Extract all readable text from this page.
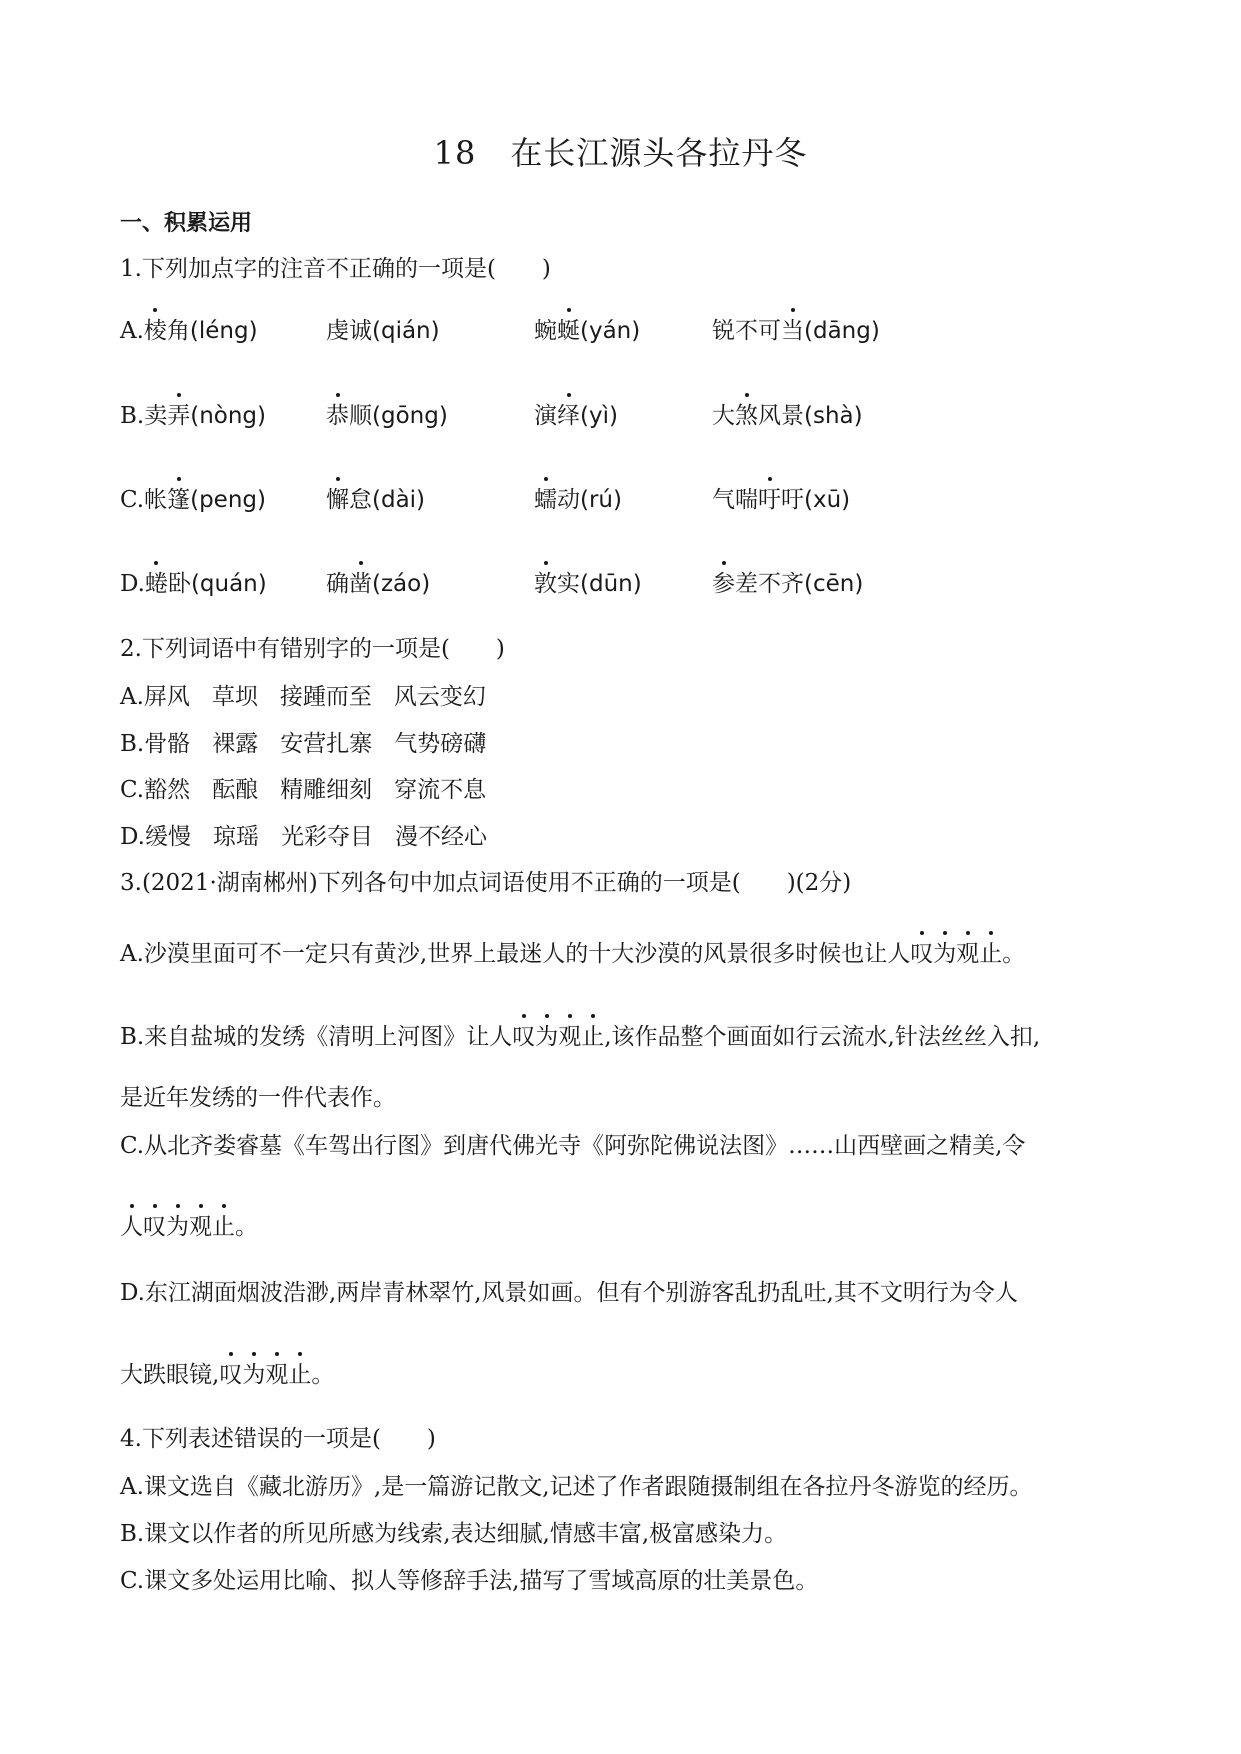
18 在长江源头各拉丹冬
一、积累运用
1.下列加点字的注音不正确的一项是(　　)
A.棱角(léng)	虔诚(qián)	蜿蜒(yán)	锐不可当(dāng)
B.卖弄(nòng)	恭顺(gōng)	演绎(yì)	大煞风景(shà)
C.帐篷(peng)	懈怠(dài)	蠕动(rú)	气喘吁吁(xū)
D.蜷卧(quán)	确凿(záo)	敦实(dūn)	参差不齐(cēn)
2.下列词语中有错别字的一项是(　　)
A.屏风 草坝 接踵而至 风云变幻
B.骨骼 裸露 安营扎寨 气势磅礴
C.豁然 酝酿 精雕细刻 穿流不息
D.缓慢 琼瑶 光彩夺目 漫不经心
3.(2021·湖南郴州)下列各句中加点词语使用不正确的一项是(　　)(2分)
A.沙漠里面可不一定只有黄沙,世界上最迷人的十大沙漠的风景很多时候也让人叹为观止。
B.来自盐城的发绣《清明上河图》让人叹为观止,该作品整个画面如行云流水,针法丝丝入扣,
是近年发绣的一件代表作。
C.从北齐娄睿墓《车驾出行图》到唐代佛光寺《阿弥陀佛说法图》……山西壁画之精美,令
人叹为观止。
D.东江湖面烟波浩渺,两岸青林翠竹,风景如画。但有个别游客乱扔乱吐,其不文明行为令人
大跌眼镜,叹为观止。
4.下列表述错误的一项是(　　)
A.课文选自《藏北游历》,是一篇游记散文,记述了作者跟随摄制组在各拉丹冬游览的经历。
B.课文以作者的所见所感为线索,表达细腻,情感丰富,极富感染力。
C.课文多处运用比喻、拟人等修辞手法,描写了雪域高原的壮美景色。
